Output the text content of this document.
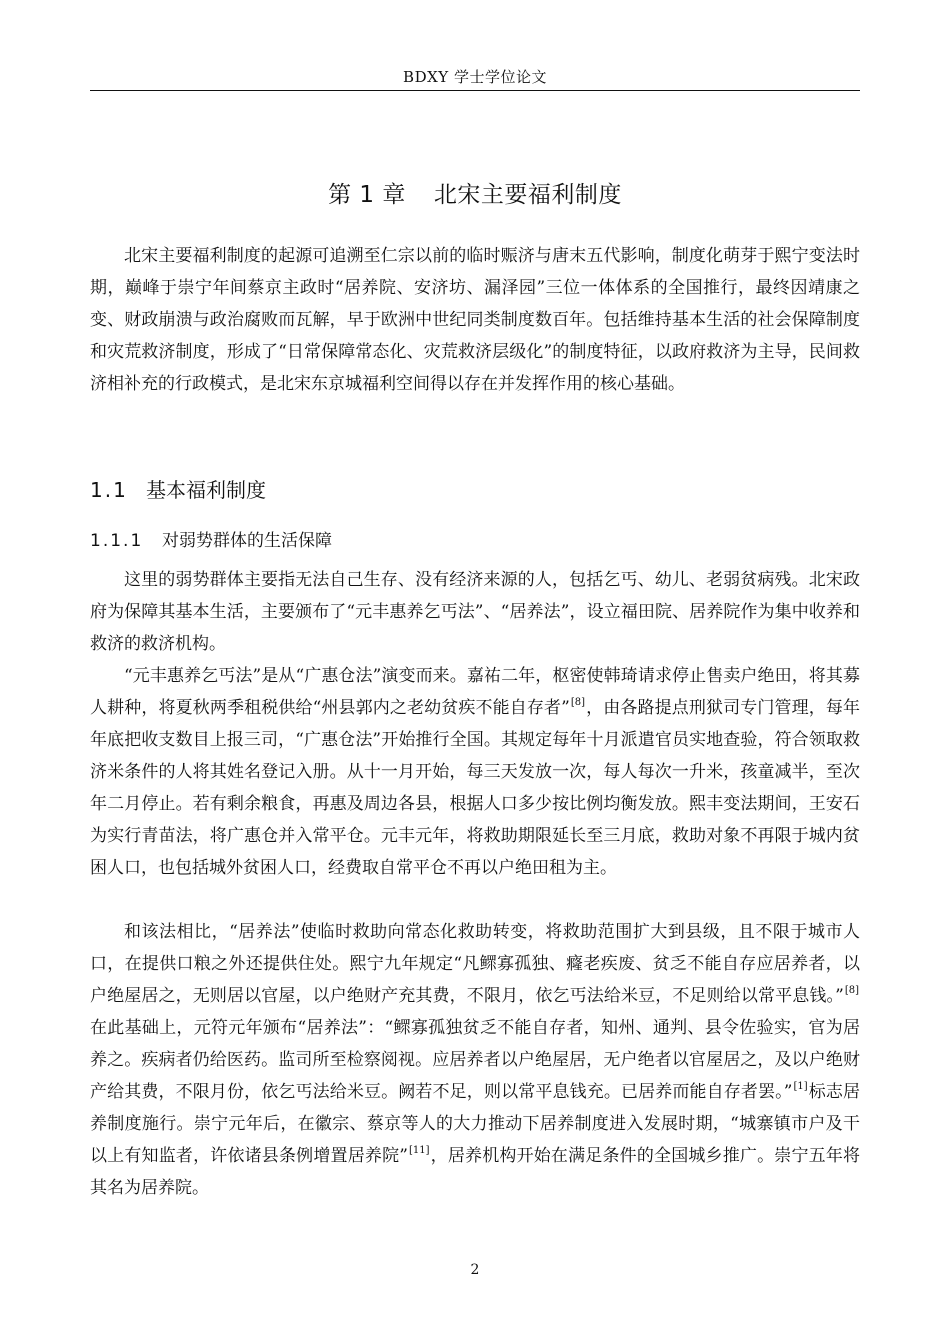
BDXY 学士学位论文
第 1 章 北宋主要福利制度

北宋主要福利制度的起源可追溯至仁宗以前的临时赈济与唐末五代影响，制度化萌芽于熙宁变法时期，巅峰于崇宁年间蔡京主政时“居养院、安济坊、漏泽园”三位一体体系的全国推行，最终因靖康之变、财政崩溃与政治腐败而瓦解，早于欧洲中世纪同类制度数百年。包括维持基本生活的社会保障制度和灾荒救济制度，形成了“日常保障常态化、灾荒救济层级化”的制度特征，以政府救济为主导，民间救济相补充的行政模式，是北宋东京城福利空间得以存在并发挥作用的核心基础。

1.1 基本福利制度
1.1.1 对弱势群体的生活保障

这里的弱势群体主要指无法自己生存、没有经济来源的人，包括乞丐、幼儿、老弱贫病残。北宋政府为保障其基本生活，主要颁布了“元丰惠养乞丐法”、“居养法”，设立福田院、居养院作为集中收养和救济的救济机构。

“元丰惠养乞丐法”是从“广惠仓法”演变而来。嘉祐二年，枢密使韩琦请求停止售卖户绝田，将其募人耕种，将夏秋两季租税供给“州县郭内之老幼贫疾不能自存者”[8]，由各路提点刑狱司专门管理，每年年底把收支数目上报三司，“广惠仓法”开始推行全国。其规定每年十月派遣官员实地查验，符合领取救济米条件的人将其姓名登记入册。从十一月开始，每三天发放一次，每人每次一升米，孩童减半，至次年二月停止。若有剩余粮食，再惠及周边各县，根据人口多少按比例均衡发放。熙丰变法期间，王安石为实行青苗法，将广惠仓并入常平仓。元丰元年，将救助期限延长至三月底，救助对象不再限于城内贫困人口，也包括城外贫困人口，经费取自常平仓不再以户绝田租为主。

和该法相比，“居养法”使临时救助向常态化救助转变，将救助范围扩大到县级，且不限于城市人口，在提供口粮之外还提供住处。熙宁九年规定“凡鳏寡孤独、癃老疾废、贫乏不能自存应居养者，以户绝屋居之，无则居以官屋，以户绝财产充其费，不限月，依乞丐法给米豆，不足则给以常平息钱。”[8]在此基础上，元符元年颁布“居养法”：“鳏寡孤独贫乏不能自存者，知州、通判、县令佐验实，官为居养之。疾病者仍给医药。监司所至检察阅视。应居养者以户绝屋居，无户绝者以官屋居之，及以户绝财产给其费，不限月份，依乞丐法给米豆。阙若不足，则以常平息钱充。已居养而能自存者罢。”[1]标志居养制度施行。崇宁元年后，在徽宗、蔡京等人的大力推动下居养制度进入发展时期，“城寨镇市户及干以上有知监者，许依诸县条例增置居养院”[11]，居养机构开始在满足条件的全国城乡推广。崇宁五年将其名为居养院。

2
